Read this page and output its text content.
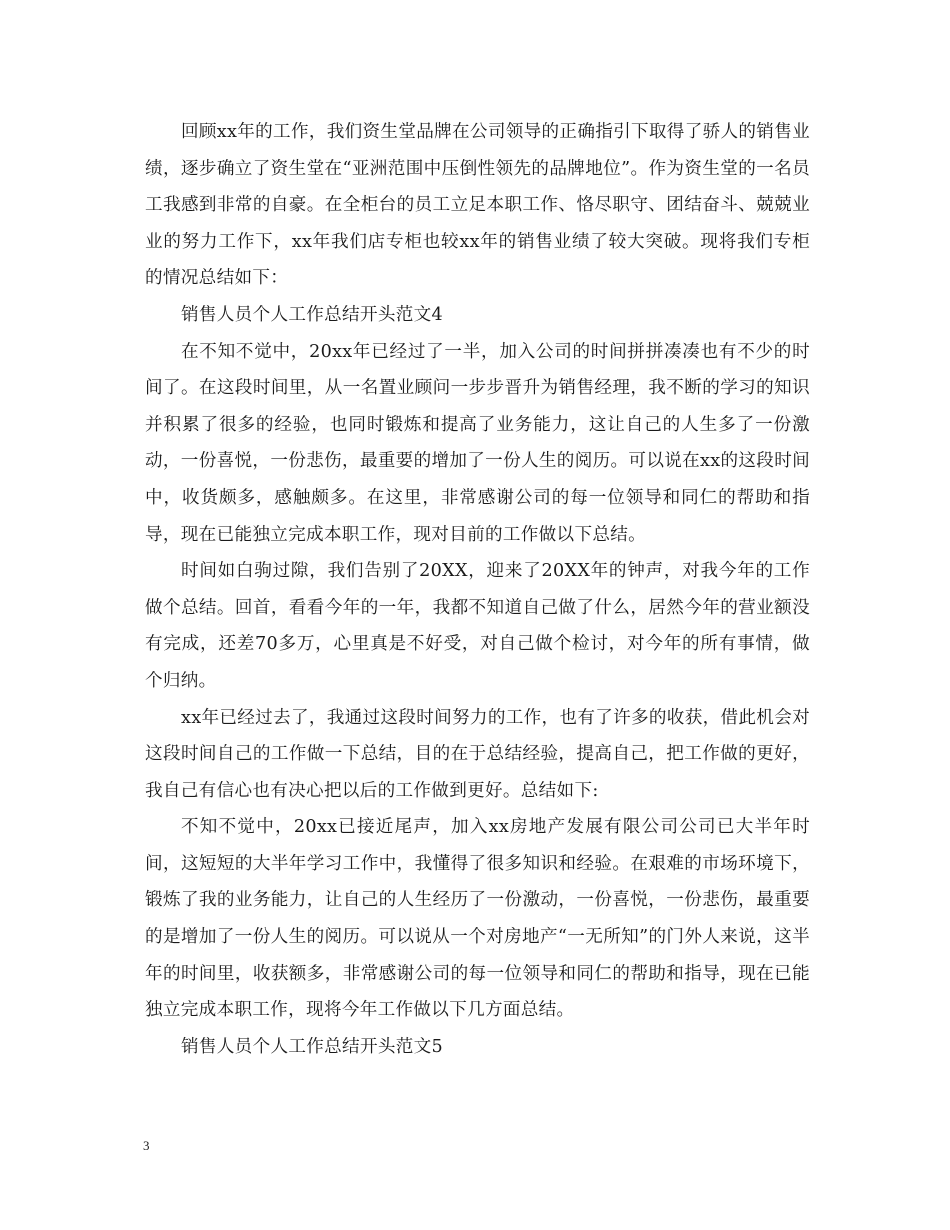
回顾xx年的工作，我们资生堂品牌在公司领导的正确指引下取得了骄人的销售业绩，逐步确立了资生堂在“亚洲范围中压倒性领先的品牌地位”。作为资生堂的一名员工我感到非常的自豪。在全柜台的员工立足本职工作、恪尽职守、团结奋斗、兢兢业业的努力工作下，xx年我们店专柜也较xx年的销售业绩了较大突破。现将我们专柜的情况总结如下：

销售人员个人工作总结开头范文4

在不知不觉中，20xx年已经过了一半，加入公司的时间拼拼凑凑也有不少的时间了。在这段时间里，从一名置业顾问一步步晋升为销售经理，我不断的学习的知识并积累了很多的经验，也同时锻炼和提高了业务能力，这让自己的人生多了一份激动，一份喜悦，一份悲伤，最重要的增加了一份人生的阅历。可以说在xx的这段时间中，收货颇多，感触颇多。在这里，非常感谢公司的每一位领导和同仁的帮助和指导，现在已能独立完成本职工作，现对目前的工作做以下总结。

时间如白驹过隙，我们告别了20XX，迎来了20XX年的钟声，对我今年的工作做个总结。回首，看看今年的一年，我都不知道自己做了什么，居然今年的营业额没有完成，还差70多万，心里真是不好受，对自己做个检讨，对今年的所有事情，做个归纳。

xx年已经过去了，我通过这段时间努力的工作，也有了许多的收获，借此机会对这段时间自己的工作做一下总结，目的在于总结经验，提高自己，把工作做的更好，我自己有信心也有决心把以后的工作做到更好。总结如下:

不知不觉中，20xx已接近尾声，加入xx房地产发展有限公司公司已大半年时间，这短短的大半年学习工作中，我懂得了很多知识和经验。在艰难的市场环境下，锻炼了我的业务能力，让自己的人生经历了一份激动，一份喜悦，一份悲伤，最重要的是增加了一份人生的阅历。可以说从一个对房地产“一无所知”的门外人来说，这半年的时间里，收获额多，非常感谢公司的每一位领导和同仁的帮助和指导，现在已能独立完成本职工作，现将今年工作做以下几方面总结。

销售人员个人工作总结开头范文5

3
